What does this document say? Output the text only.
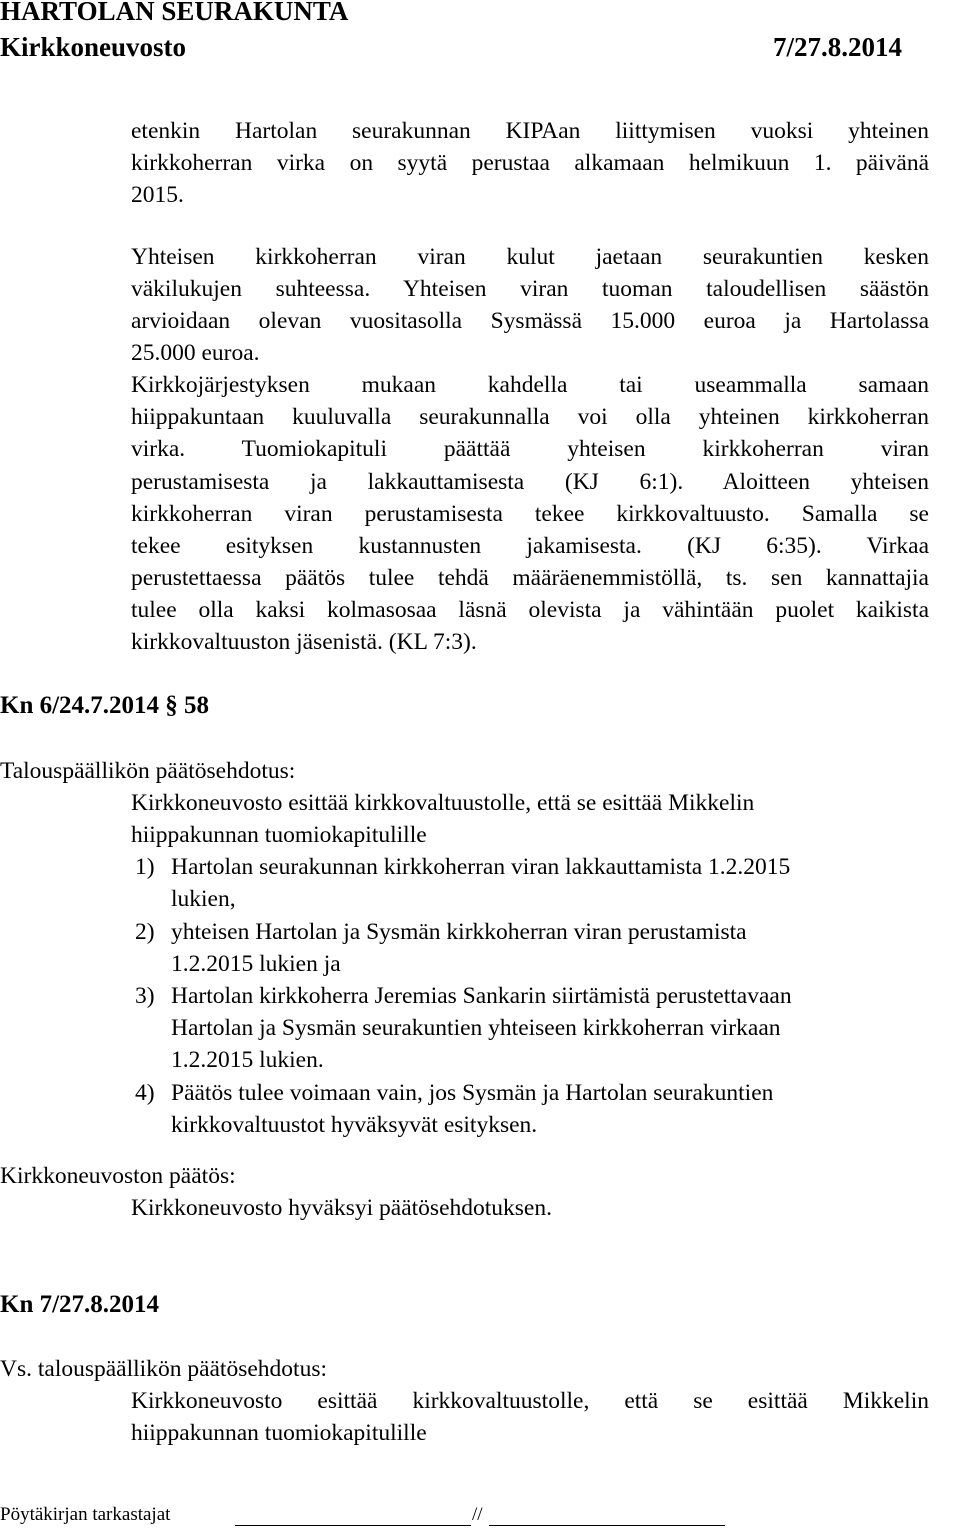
HARTOLAN SEURAKUNTA
Kirkkoneuvosto	7/27.8.2014
etenkin Hartolan seurakunnan KIPAan liittymisen vuoksi yhteinen
kirkkoherran virka on syytä perustaa alkamaan helmikuun 1. päivänä
2015.
Yhteisen kirkkoherran viran kulut jaetaan seurakuntien kesken
väkilukujen suhteessa. Yhteisen viran tuoman taloudellisen säästön
arvioidaan olevan vuositasolla Sysmässä 15.000 euroa ja Hartolassa
25.000 euroa.
Kirkkojärjestyksen mukaan kahdella tai useammalla samaan
hiippakuntaan kuuluvalla seurakunnalla voi olla yhteinen kirkkoherran
virka. Tuomiokapituli päättää yhteisen kirkkoherran viran
perustamisesta ja lakkauttamisesta (KJ 6:1). Aloitteen yhteisen
kirkkoherran viran perustamisesta tekee kirkkovaltuusto. Samalla se
tekee esityksen kustannusten jakamisesta. (KJ 6:35). Virkaa
perustettaessa päätös tulee tehdä määräenemmistöllä, ts. sen kannattajia
tulee olla kaksi kolmasosaa läsnä olevista ja vähintään puolet kaikista
kirkkovaltuuston jäsenistä. (KL 7:3).
Kn 6/24.7.2014 § 58
Talouspäällikön päätösehdotus:
Kirkkoneuvosto esittää kirkkovaltuustolle, että se esittää Mikkelin
hiippakunnan tuomiokapitulille
1) Hartolan seurakunnan kirkkoherran viran lakkauttamista 1.2.2015
lukien,
2) yhteisen Hartolan ja Sysmän kirkkoherran viran perustamista
1.2.2015 lukien ja
3) Hartolan kirkkoherra Jeremias Sankarin siirtämistä perustettavaan
Hartolan ja Sysmän seurakuntien yhteiseen kirkkoherran virkaan
1.2.2015 lukien.
4) Päätös tulee voimaan vain, jos Sysmän ja Hartolan seurakuntien
kirkkovaltuustot hyväksyvät esityksen.
Kirkkoneuvoston päätös:
Kirkkoneuvosto hyväksyi päätösehdotuksen.
Kn 7/27.8.2014
Vs. talouspäällikön päätösehdotus:
Kirkkoneuvosto esittää kirkkovaltuustolle, että se esittää Mikkelin
hiippakunnan tuomiokapitulille
Pöytäkirjan tarkastajat	//
